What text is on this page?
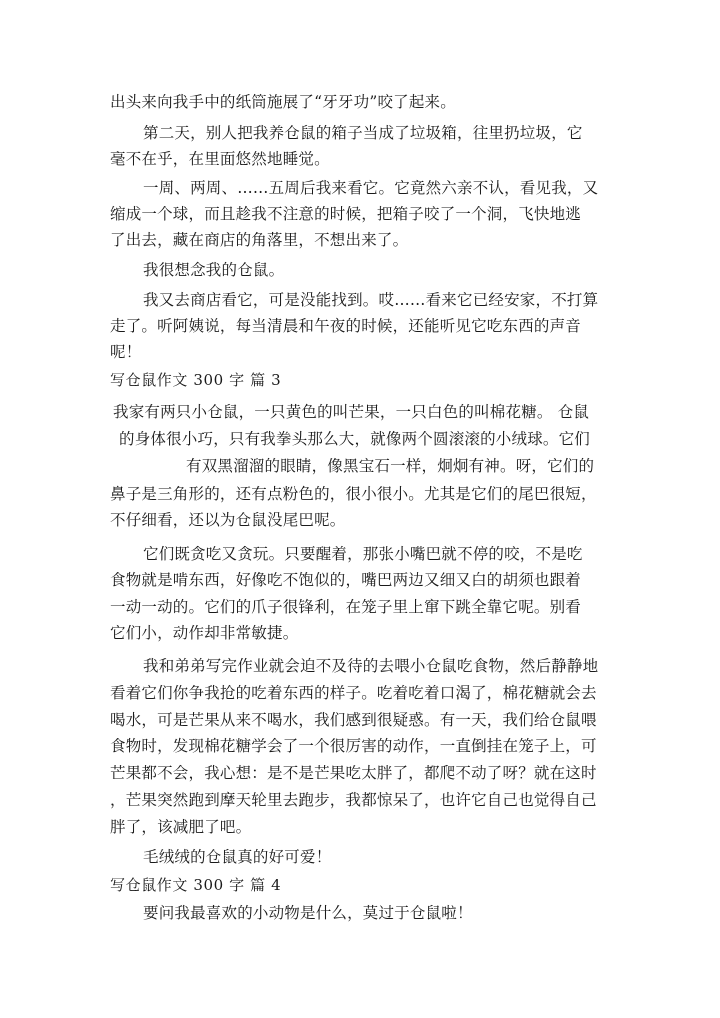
出头来向我手中的纸筒施展了“牙牙功”咬了起来。
第二天，别人把我养仓鼠的箱子当成了垃圾箱，往里扔垃圾，它
毫不在乎，在里面悠然地睡觉。
一周、两周、……五周后我来看它。它竟然六亲不认，看见我，又
缩成一个球，而且趁我不注意的时候，把箱子咬了一个洞，飞快地逃
了出去，藏在商店的角落里，不想出来了。
我很想念我的仓鼠。
我又去商店看它，可是没能找到。哎……看来它已经安家，不打算
走了。听阿姨说，每当清晨和午夜的时候，还能听见它吃东西的声音
呢！
写仓鼠作文 300 字 篇 3
我家有两只小仓鼠，一只黄色的叫芒果，一只白色的叫棉花糖。 仓鼠
的身体很小巧，只有我拳头那么大，就像两个圆滚滚的小绒球。它们
有双黑溜溜的眼睛，像黑宝石一样，炯炯有神。呀，它们的
鼻子是三角形的，还有点粉色的，很小很小。尤其是它们的尾巴很短，
不仔细看，还以为仓鼠没尾巴呢。
它们既贪吃又贪玩。只要醒着，那张小嘴巴就不停的咬，不是吃
食物就是啃东西，好像吃不饱似的，嘴巴两边又细又白的胡须也跟着
一动一动的。它们的爪子很锋利，在笼子里上窜下跳全靠它呢。别看
它们小，动作却非常敏捷。
我和弟弟写完作业就会迫不及待的去喂小仓鼠吃食物，然后静静地
看着它们你争我抢的吃着东西的样子。吃着吃着口渴了，棉花糖就会去
喝水，可是芒果从来不喝水，我们感到很疑惑。有一天，我们给仓鼠喂
食物时，发现棉花糖学会了一个很厉害的动作，一直倒挂在笼子上，可
芒果都不会，我心想：是不是芒果吃太胖了，都爬不动了呀？就在这时
，芒果突然跑到摩天轮里去跑步，我都惊呆了，也许它自己也觉得自己
胖了，该减肥了吧。
毛绒绒的仓鼠真的好可爱！
写仓鼠作文 300 字 篇 4
要问我最喜欢的小动物是什么，莫过于仓鼠啦！
